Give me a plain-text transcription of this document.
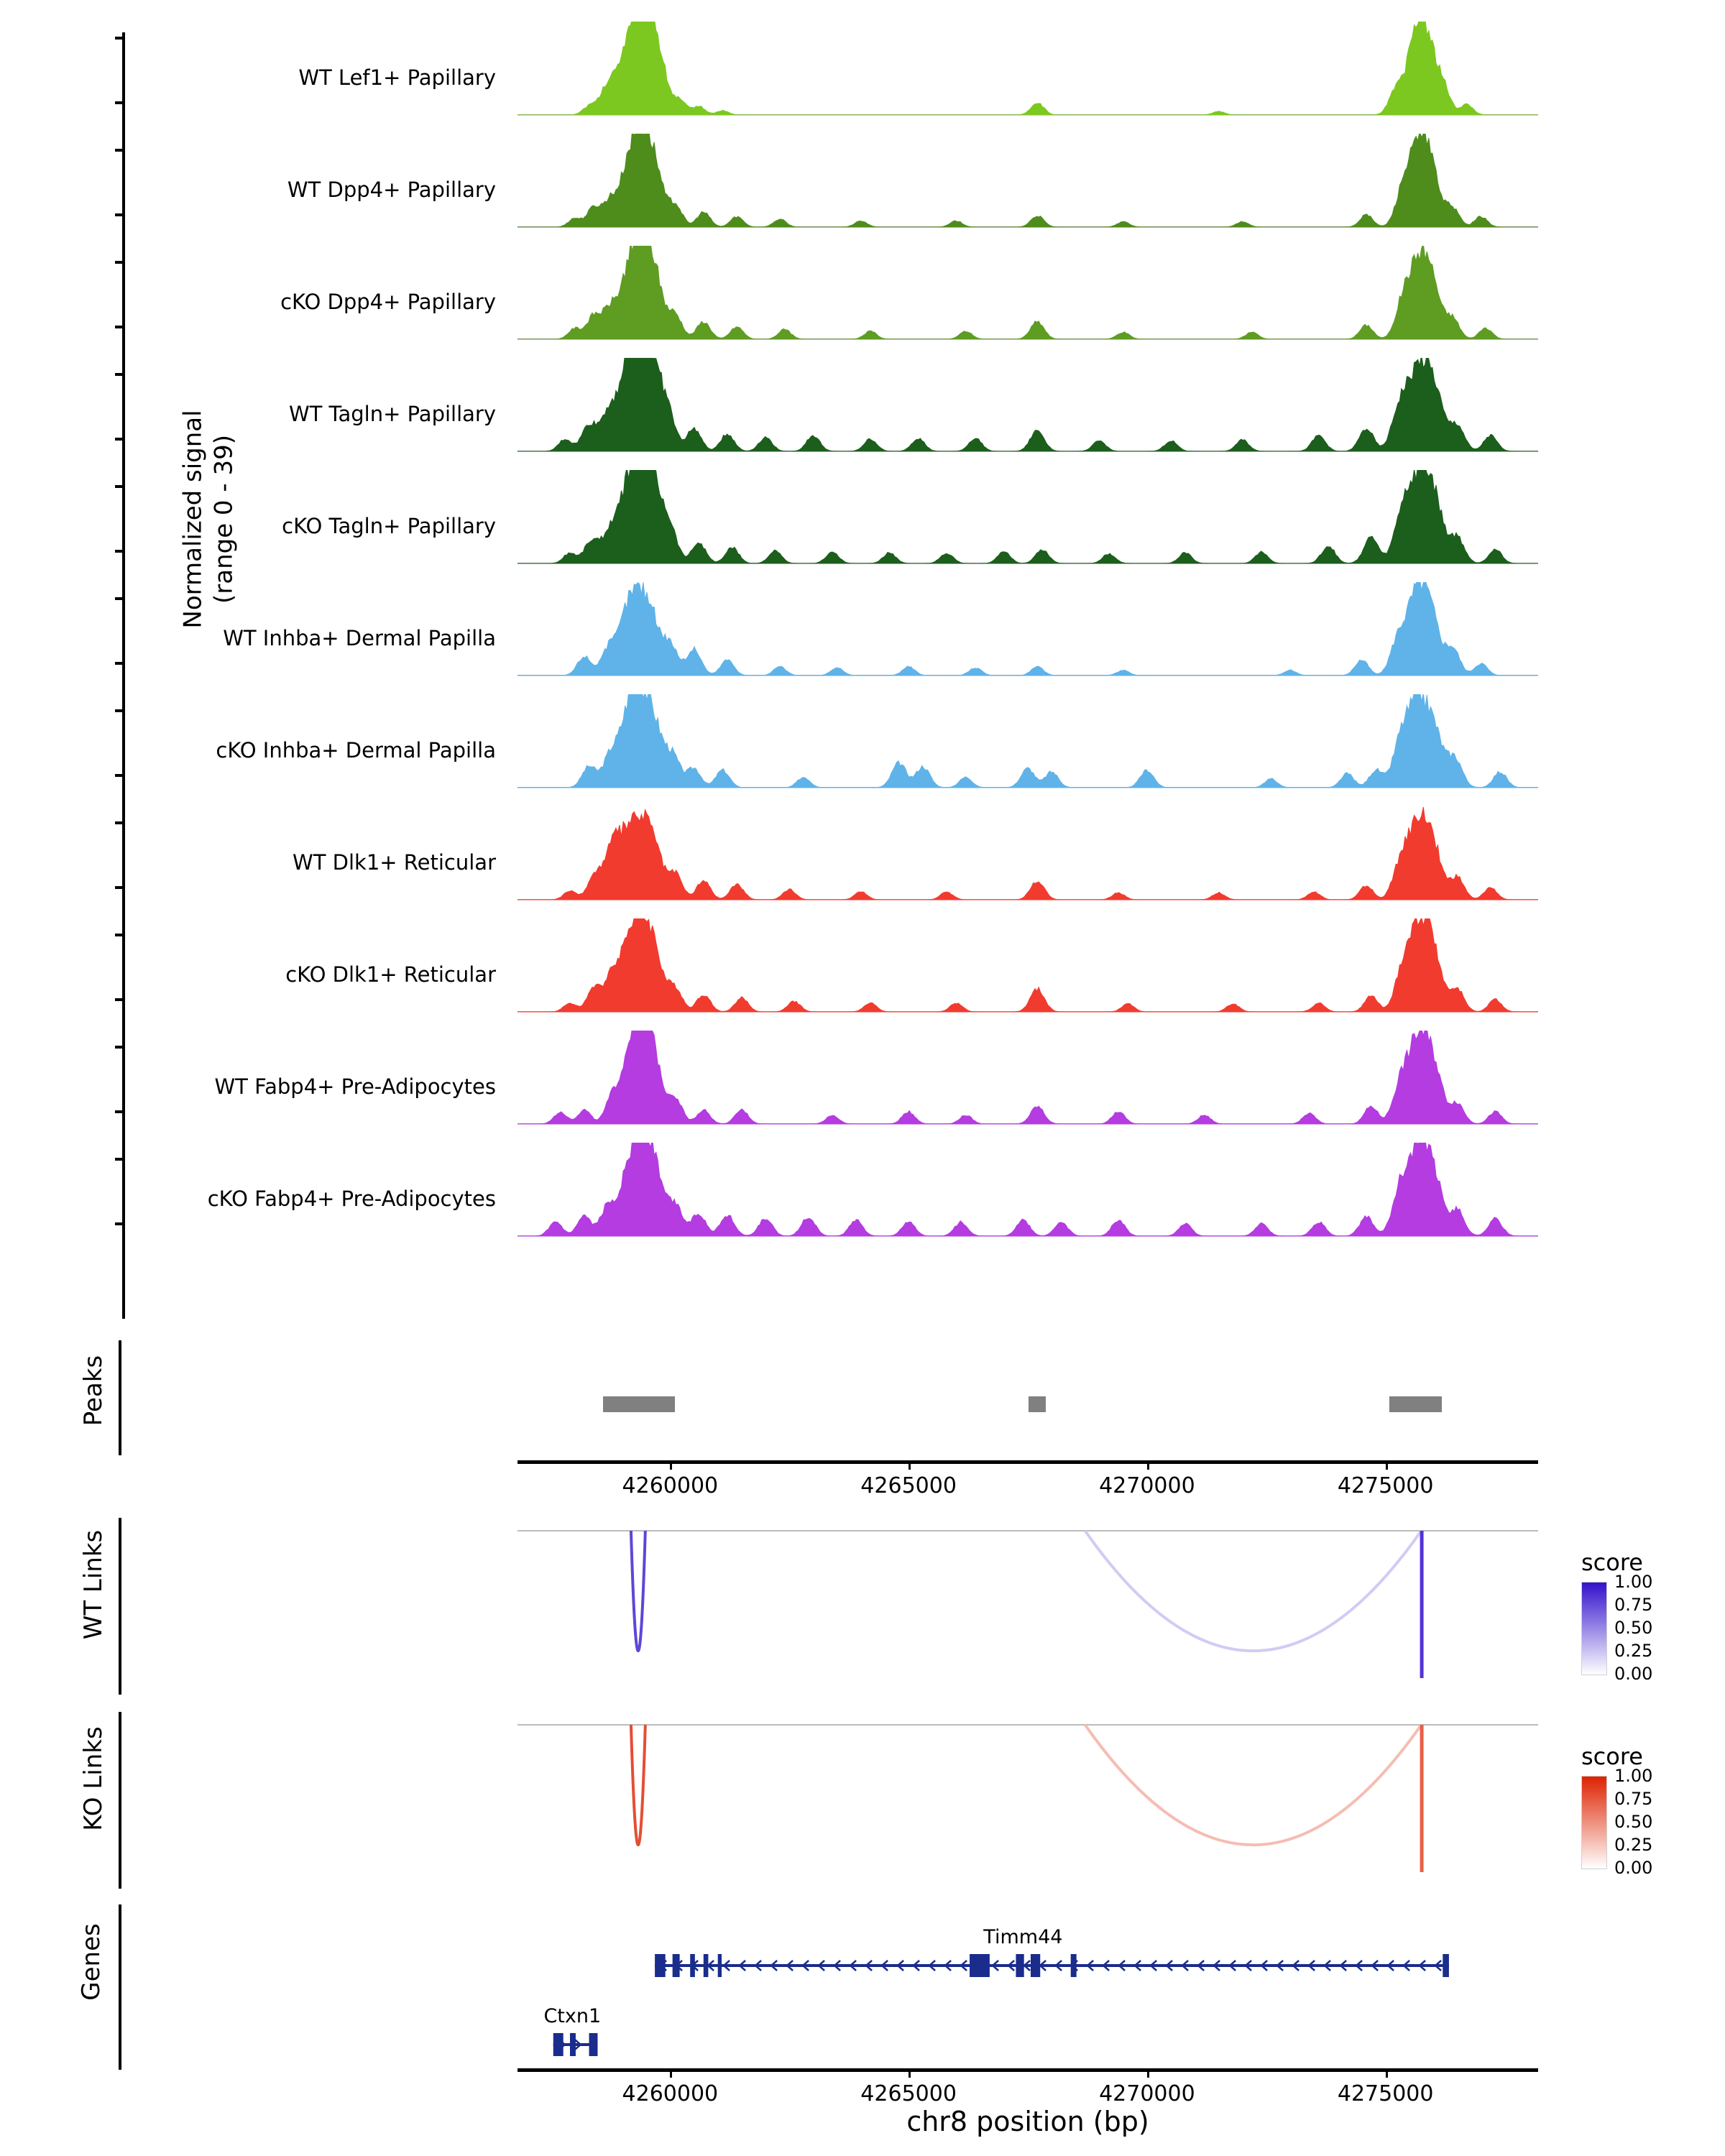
Normalized signal
(range 0 - 39)
WT Lef1+ Papillary
WT Dpp4+ Papillary
cKO Dpp4+ Papillary
WT Tagln+ Papillary
cKO Tagln+ Papillary
WT Inhba+ Dermal Papilla
cKO Inhba+ Dermal Papilla
WT Dlk1+ Reticular
cKO Dlk1+ Reticular
WT Fabp4+ Pre-Adipocytes
cKO Fabp4+ Pre-Adipocytes
Peaks
4260000	4265000	4270000	4275000
WT Links	score
1.00
0.75
0.50
0.25
0.00
KO Links	score
1.00
0.75
0.50
0.25
0.00
Genes	Timm44
Ctxn1
4260000	4265000	4270000	4275000
chr8 position (bp)
